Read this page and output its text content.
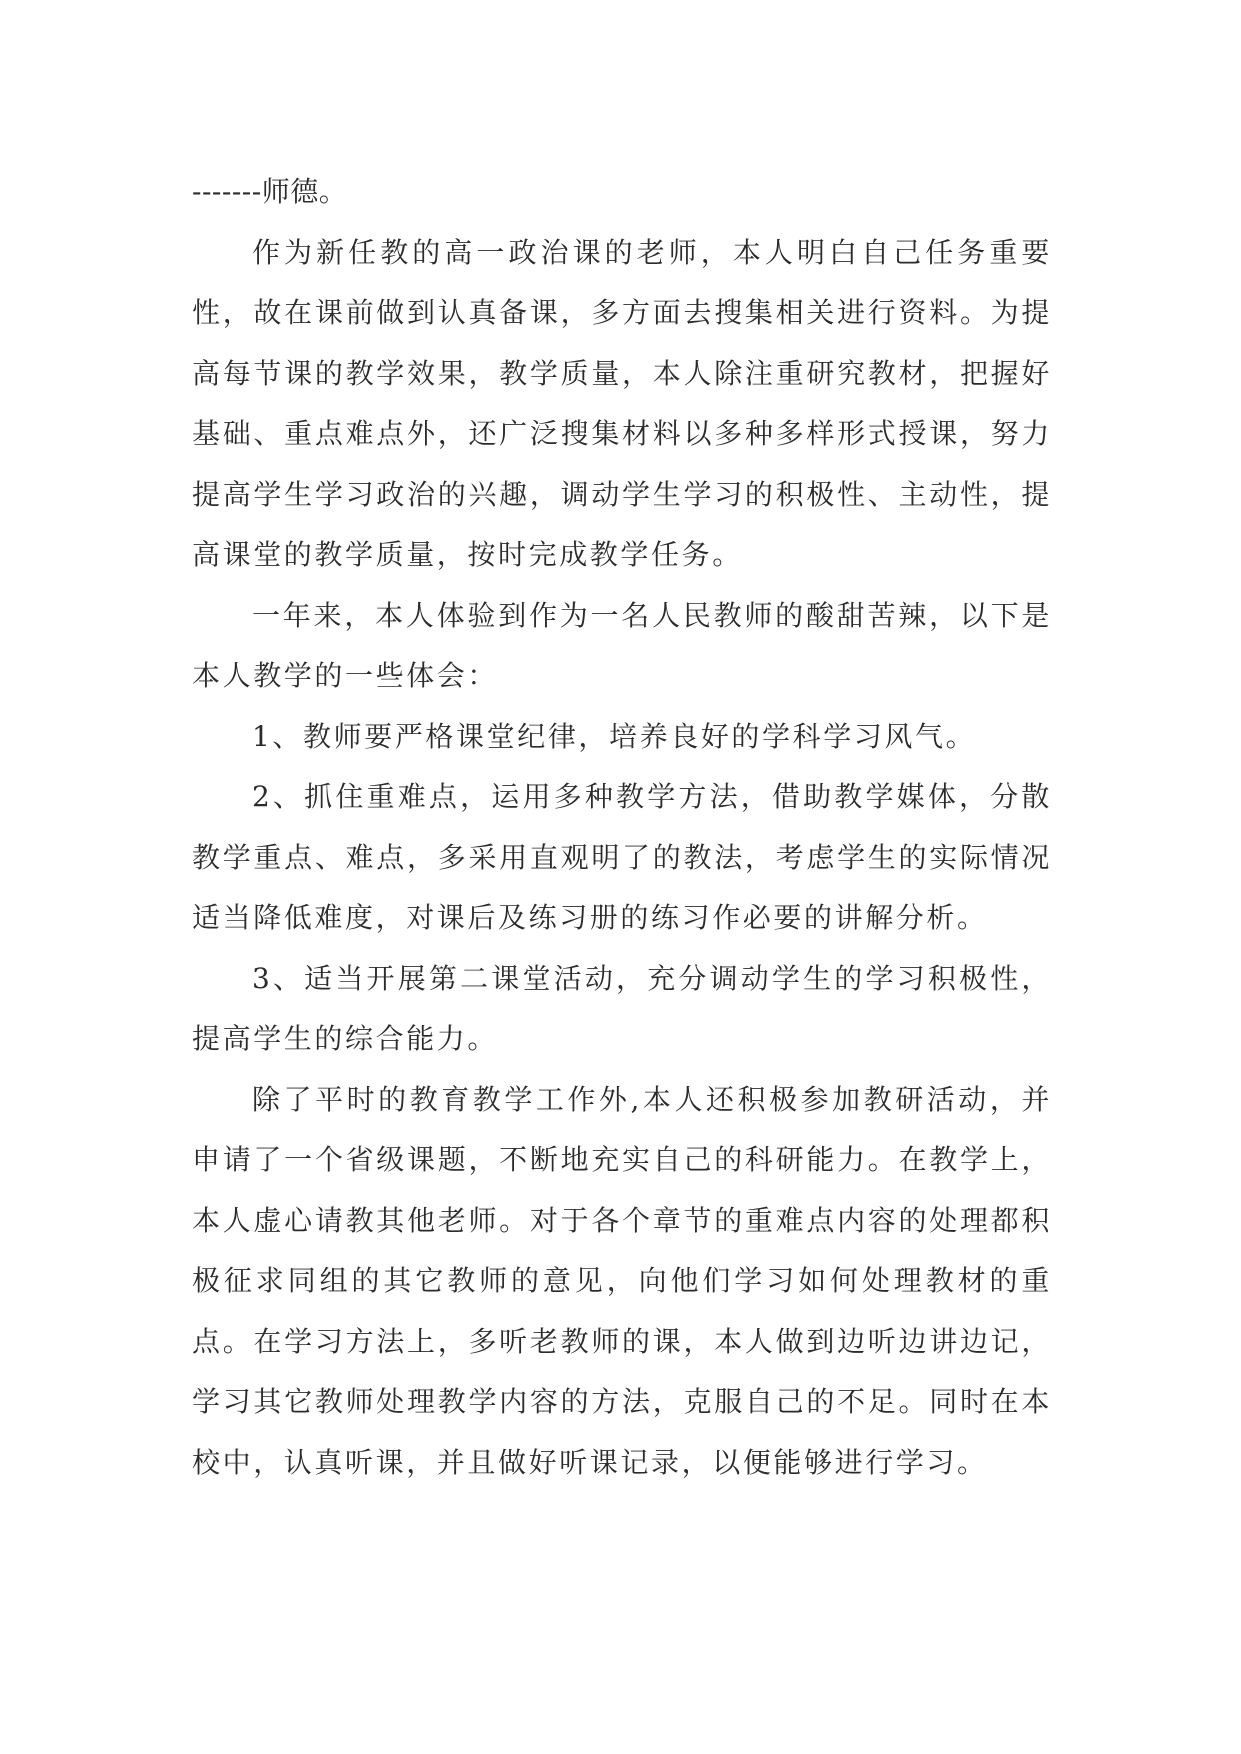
-------师德。

作为新任教的高一政治课的老师，本人明白自己任务重要性，故在课前做到认真备课，多方面去搜集相关进行资料。为提高每节课的教学效果，教学质量，本人除注重研究教材，把握好基础、重点难点外，还广泛搜集材料以多种多样形式授课，努力提高学生学习政治的兴趣，调动学生学习的积极性、主动性，提高课堂的教学质量，按时完成教学任务。

一年来，本人体验到作为一名人民教师的酸甜苦辣，以下是本人教学的一些体会：

1、教师要严格课堂纪律，培养良好的学科学习风气。

2、抓住重难点，运用多种教学方法，借助教学媒体，分散教学重点、难点，多采用直观明了的教法，考虑学生的实际情况适当降低难度，对课后及练习册的练习作必要的讲解分析。

3、适当开展第二课堂活动，充分调动学生的学习积极性，提高学生的综合能力。

除了平时的教育教学工作外,本人还积极参加教研活动，并申请了一个省级课题，不断地充实自己的科研能力。在教学上，本人虚心请教其他老师。对于各个章节的重难点内容的处理都积极征求同组的其它教师的意见，向他们学习如何处理教材的重点。在学习方法上，多听老教师的课，本人做到边听边讲边记，学习其它教师处理教学内容的方法，克服自己的不足。同时在本校中，认真听课，并且做好听课记录，以便能够进行学习。
